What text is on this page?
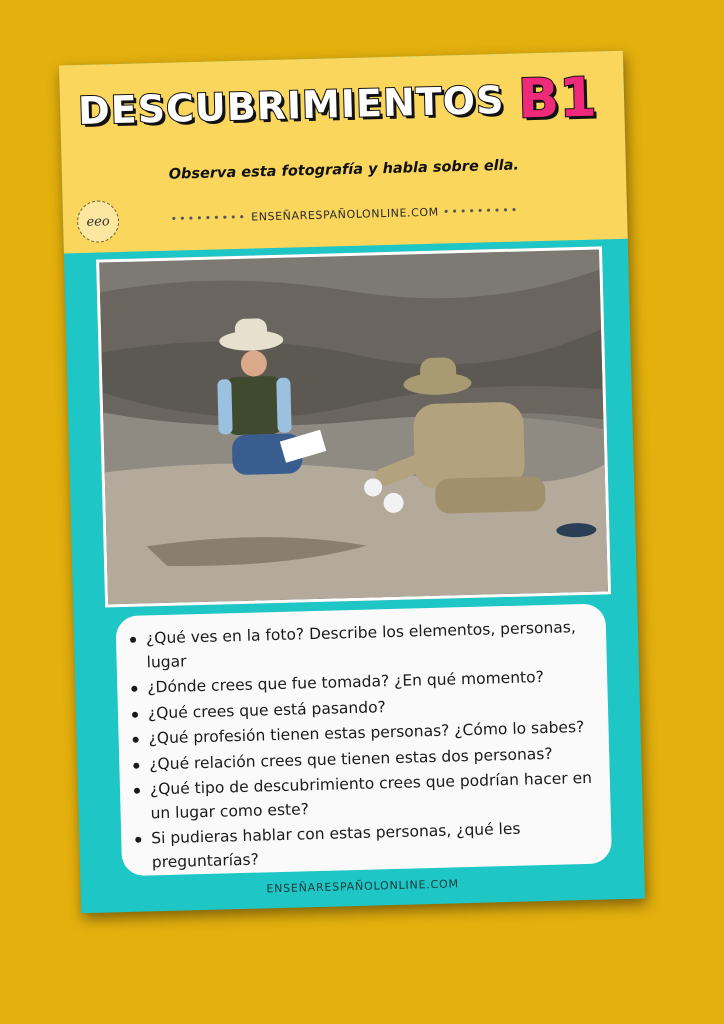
DESCUBRIMIENTOS B1
Observa esta fotografía y habla sobre ella.
eeo	••••••••• ENSEÑARESPAÑOLONLINE.COM •••••••••
¿Qué ves en la foto? Describe los elementos, personas, lugar
¿Dónde crees que fue tomada? ¿En qué momento?
¿Qué crees que está pasando?
¿Qué profesión tienen estas personas? ¿Cómo lo sabes?
¿Qué relación crees que tienen estas dos personas?
¿Qué tipo de descubrimiento crees que podrían hacer en un lugar como este?
Si pudieras hablar con estas personas, ¿qué les preguntarías?
ENSEÑARESPAÑOLONLINE.COM
